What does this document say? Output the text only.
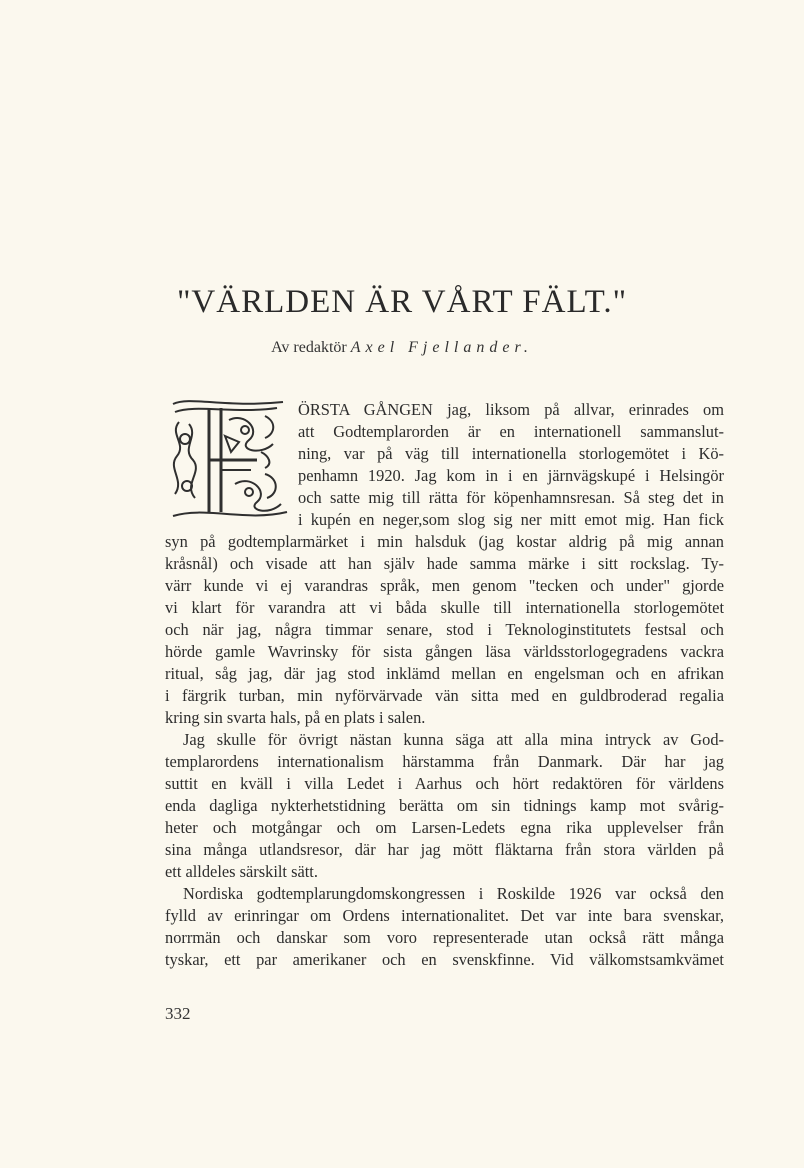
"VÄRLDEN ÄR VÅRT FÄLT."
Av redaktör Axel Fjellander.
ÖRSTA GÅNGEN jag, liksom på allvar, erinrades om
att Godtemplarorden är en internationell sammanslut-
ning, var på väg till internationella storlogemötet i Kö-
penhamn 1920. Jag kom in i en järnvägskupé i Helsingör
och satte mig till rätta för köpenhamnsresan. Så steg det in
i kupén en neger,som slog sig ner mitt emot mig. Han fick
syn på godtemplarmärket i min halsduk (jag kostar aldrig på mig annan
kråsnål) och visade att han själv hade samma märke i sitt rockslag. Ty-
värr kunde vi ej varandras språk, men genom "tecken och under" gjorde
vi klart för varandra att vi båda skulle till internationella storlogemötet
och när jag, några timmar senare, stod i Teknologinstitutets festsal och
hörde gamle Wavrinsky för sista gången läsa världsstorlogegradens vackra
ritual, såg jag, där jag stod inklämd mellan en engelsman och en afrikan
i färgrik turban, min nyförvärvade vän sitta med en guldbroderad regalia
kring sin svarta hals, på en plats i salen.
Jag skulle för övrigt nästan kunna säga att alla mina intryck av God-
templarordens internationalism härstamma från Danmark. Där har jag
suttit en kväll i villa Ledet i Aarhus och hört redaktören för världens
enda dagliga nykterhetstidning berätta om sin tidnings kamp mot svårig-
heter och motgångar och om Larsen-Ledets egna rika upplevelser från
sina många utlandsresor, där har jag mött fläktarna från stora världen på
ett alldeles särskilt sätt.
Nordiska godtemplarungdomskongressen i Roskilde 1926 var också den
fylld av erinringar om Ordens internationalitet. Det var inte bara svenskar,
norrmän och danskar som voro representerade utan också rätt många
tyskar, ett par amerikaner och en svenskfinne. Vid välkomstsamkvämet
332
